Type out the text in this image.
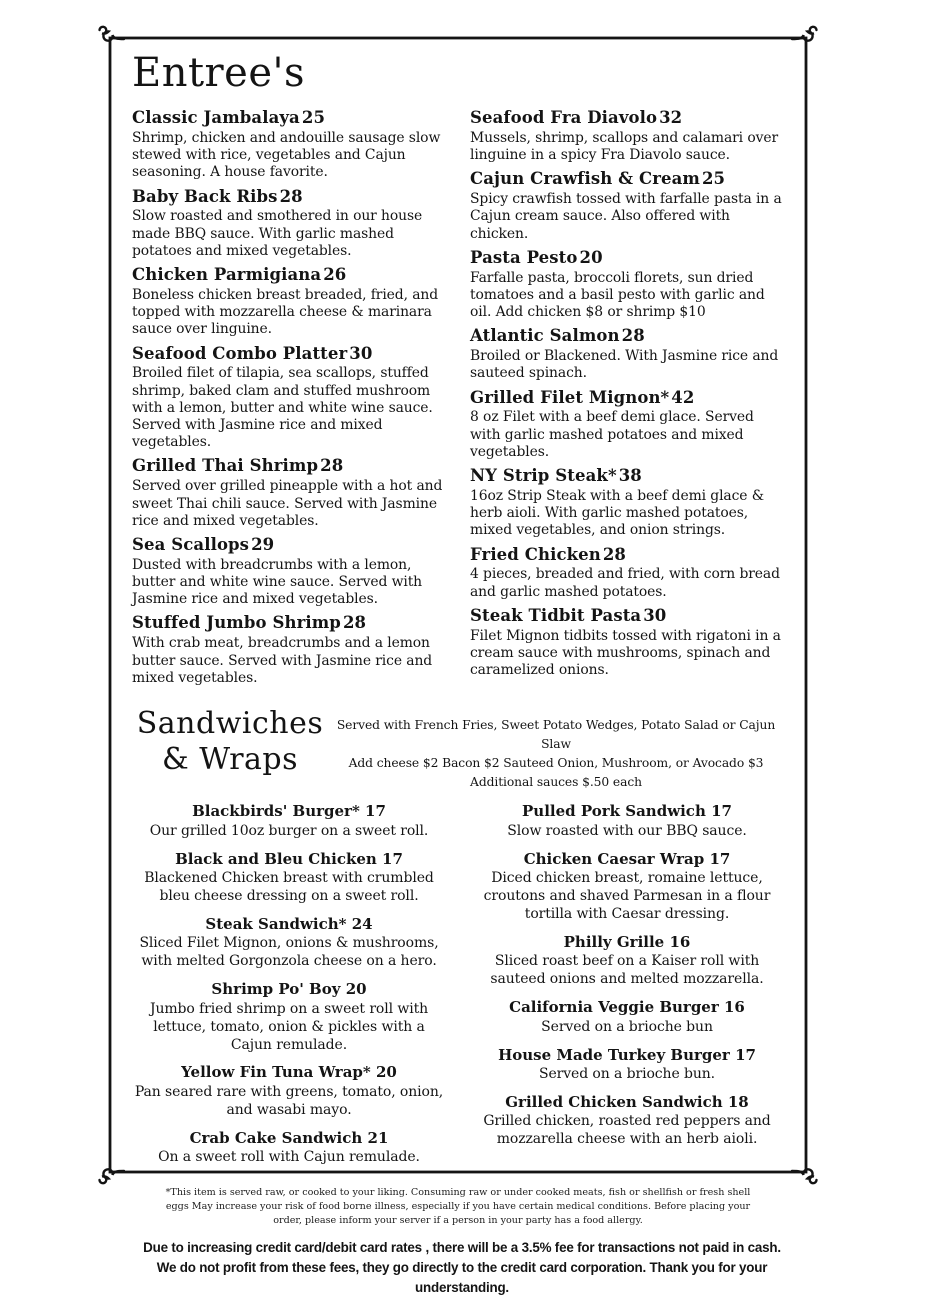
Entree's
Classic Jambalaya 25

Shrimp, chicken and andouille sausage slow stewed with rice, vegetables and Cajun seasoning. A house favorite.

Baby Back Ribs 28

Slow roasted and smothered in our house made BBQ sauce. With garlic mashed potatoes and mixed vegetables.

Chicken Parmigiana 26

Boneless chicken breast breaded, fried, and topped with mozzarella cheese & marinara sauce over linguine.

Seafood Combo Platter 30

Broiled filet of tilapia, sea scallops, stuffed shrimp, baked clam and stuffed mushroom with a lemon, butter and white wine sauce. Served with Jasmine rice and mixed vegetables.

Grilled Thai Shrimp 28

Served over grilled pineapple with a hot and sweet Thai chili sauce. Served with Jasmine rice and mixed vegetables.

Sea Scallops 29

Dusted with breadcrumbs with a lemon, butter and white wine sauce. Served with Jasmine rice and mixed vegetables.

Stuffed Jumbo Shrimp 28

With crab meat, breadcrumbs and a lemon butter sauce. Served with Jasmine rice and mixed vegetables.

Seafood Fra Diavolo 32

Mussels, shrimp, scallops and calamari over linguine in a spicy Fra Diavolo sauce.

Cajun Crawfish & Cream 25

Spicy crawfish tossed with farfalle pasta in a Cajun cream sauce. Also offered with chicken.

Pasta Pesto 20

Farfalle pasta, broccoli florets, sun dried tomatoes and a basil pesto with garlic and oil. Add chicken $8 or shrimp $10

Atlantic Salmon 28

Broiled or Blackened. With Jasmine rice and sauteed spinach.

Grilled Filet Mignon* 42

8 oz Filet with a beef demi glace. Served with garlic mashed potatoes and mixed vegetables.

NY Strip Steak* 38

16oz Strip Steak with a beef demi glace & herb aioli. With garlic mashed potatoes, mixed vegetables, and onion strings.

Fried Chicken 28

4 pieces, breaded and fried, with corn bread and garlic mashed potatoes.

Steak Tidbit Pasta 30

Filet Mignon tidbits tossed with rigatoni in a cream sauce with mushrooms, spinach and caramelized onions.

Sandwiches
& Wraps
Served with French Fries, Sweet Potato Wedges, Potato Salad or Cajun Slaw
Add cheese $2 Bacon $2 Sauteed Onion, Mushroom, or Avocado $3
Additional sauces $.50 each
Blackbirds' Burger* 17

Our grilled 10oz burger on a sweet roll.

Black and Bleu Chicken 17

Blackened Chicken breast with crumbled bleu cheese dressing on a sweet roll.

Steak Sandwich* 24

Sliced Filet Mignon, onions & mushrooms, with melted Gorgonzola cheese on a hero.

Shrimp Po' Boy 20

Jumbo fried shrimp on a sweet roll with lettuce, tomato, onion & pickles with a Cajun remulade.

Yellow Fin Tuna Wrap* 20

Pan seared rare with greens, tomato, onion, and wasabi mayo.

Crab Cake Sandwich 21

On a sweet roll with Cajun remulade.

Pulled Pork Sandwich 17

Slow roasted with our BBQ sauce.

Chicken Caesar Wrap 17

Diced chicken breast, romaine lettuce, croutons and shaved Parmesan in a flour tortilla with Caesar dressing.

Philly Grille 16

Sliced roast beef on a Kaiser roll with sauteed onions and melted mozzarella.

California Veggie Burger 16

Served on a brioche bun

House Made Turkey Burger 17

Served on a brioche bun.

Grilled Chicken Sandwich 18

Grilled chicken, roasted red peppers and mozzarella cheese with an herb aioli.

*This item is served raw, or cooked to your liking. Consuming raw or under cooked meats, fish or shellfish or fresh shell eggs May increase your risk of food borne illness, especially if you have certain medical conditions. Before placing your order, please inform your server if a person in your party has a food allergy.

Due to increasing credit card/debit card rates , there will be a 3.5% fee for transactions not paid in cash.
We do not profit from these fees, they go directly to the credit card corporation. Thank you for your understanding.
